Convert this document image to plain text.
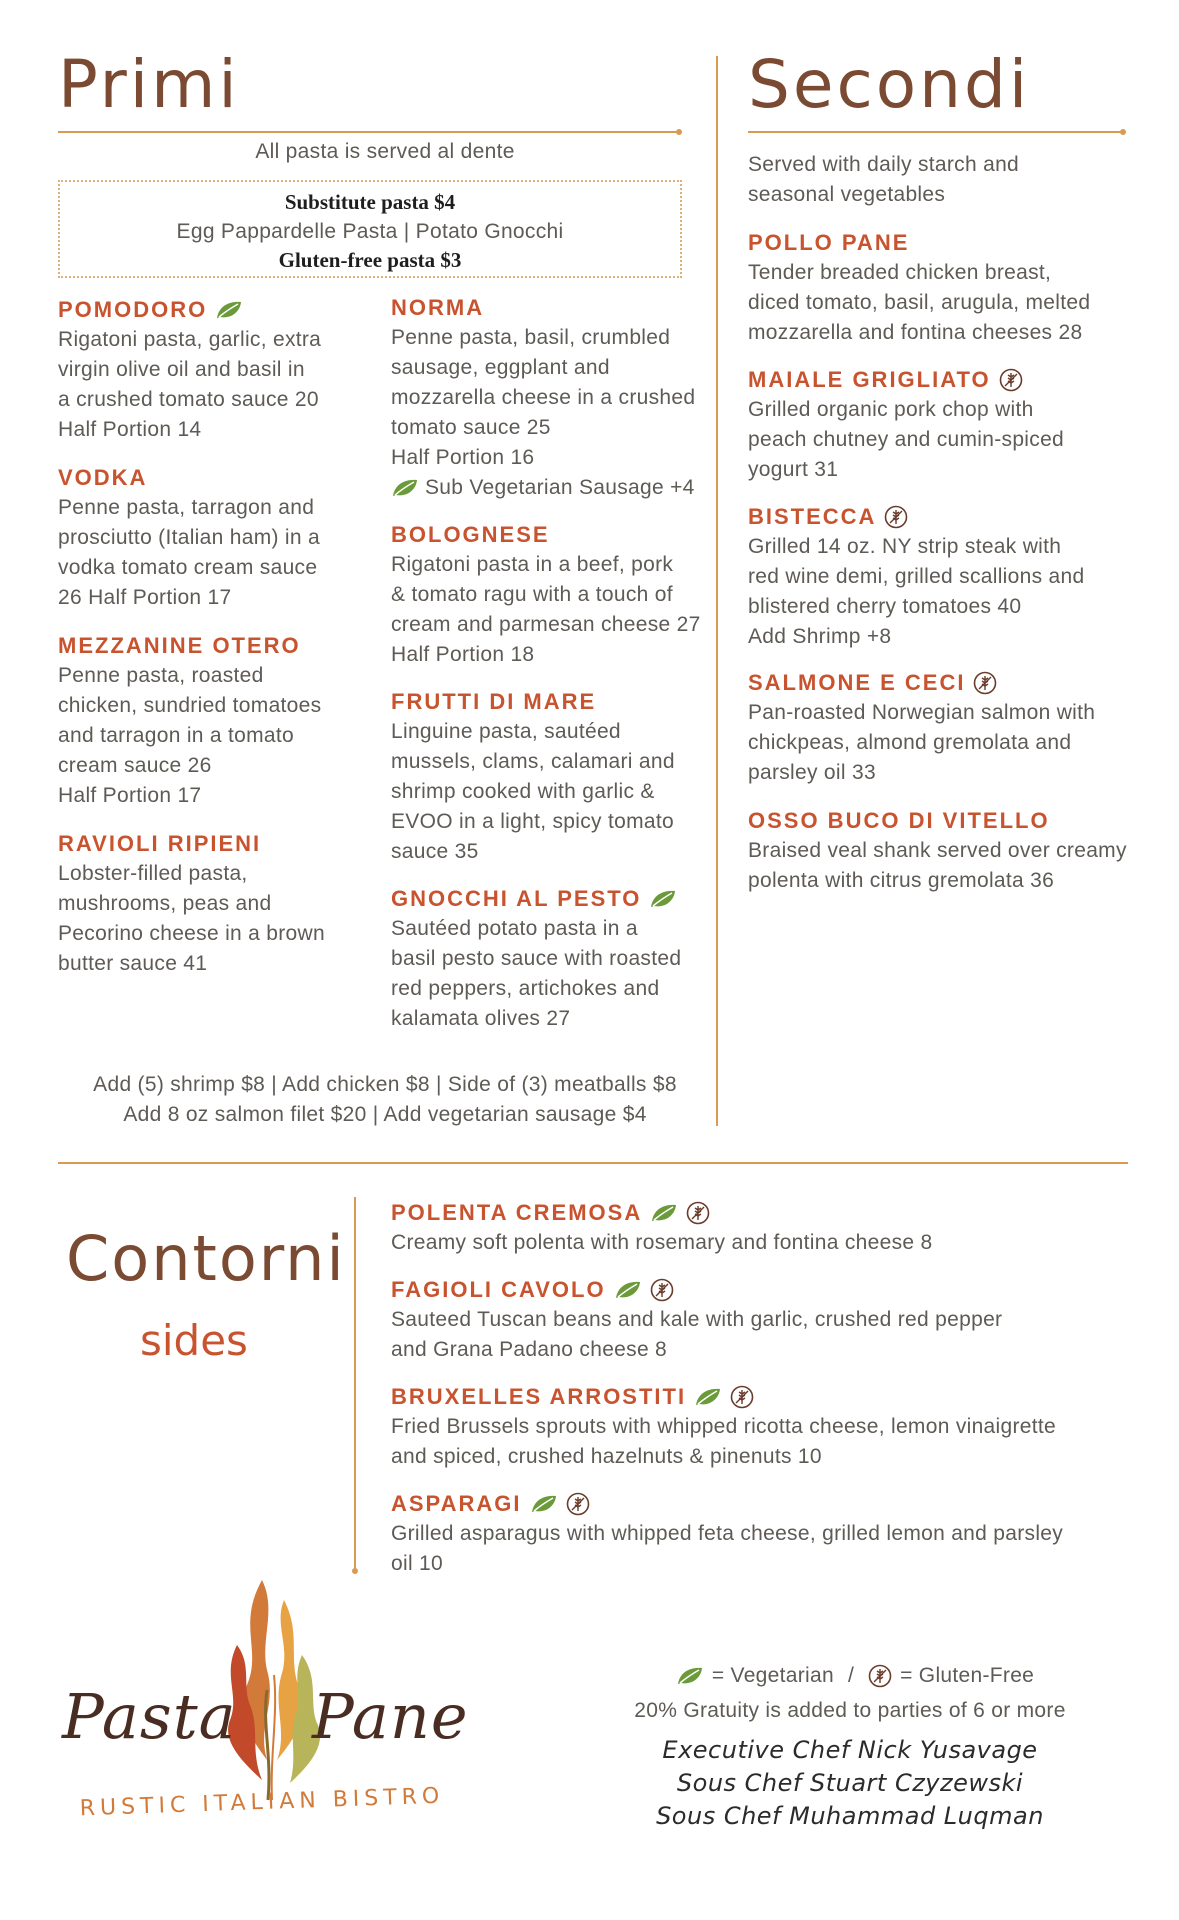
Primi
All pasta is served al dente
Substitute pasta $4
Egg Pappardelle Pasta | Potato Gnocchi
Gluten-free pasta $3
POMODORO
Rigatoni pasta, garlic, extra
virgin olive oil and basil in
a crushed tomato sauce 20
Half Portion 14
VODKA
Penne pasta, tarragon and
prosciutto (Italian ham) in a
vodka tomato cream sauce
26 Half Portion 17
MEZZANINE OTERO
Penne pasta, roasted
chicken, sundried tomatoes
and tarragon in a tomato
cream sauce 26
Half Portion 17
RAVIOLI RIPIENI
Lobster-filled pasta,
mushrooms, peas and
Pecorino cheese in a brown
butter sauce 41
NORMA
Penne pasta, basil, crumbled
sausage, eggplant and
mozzarella cheese in a crushed
tomato sauce 25
Half Portion 16
Sub Vegetarian Sausage +4
BOLOGNESE
Rigatoni pasta in a beef, pork
& tomato ragu with a touch of
cream and parmesan cheese 27
Half Portion 18
FRUTTI DI MARE
Linguine pasta, sautéed
mussels, clams, calamari and
shrimp cooked with garlic &
EVOO in a light, spicy tomato
sauce 35
GNOCCHI AL PESTO
Sautéed potato pasta in a
basil pesto sauce with roasted
red peppers, artichokes and
kalamata olives 27
Add (5) shrimp $8 | Add chicken $8 | Side of (3) meatballs $8
Add 8 oz salmon filet $20 | Add vegetarian sausage $4
Secondi
Served with daily starch and
seasonal vegetables
POLLO PANE
Tender breaded chicken breast,
diced tomato, basil, arugula, melted
mozzarella and fontina cheeses 28
MAIALE GRIGLIATO
Grilled organic pork chop with
peach chutney and cumin-spiced
yogurt 31
BISTECCA
Grilled 14 oz. NY strip steak with
red wine demi, grilled scallions and
blistered cherry tomatoes 40
Add Shrimp +8
SALMONE E CECI
Pan-roasted Norwegian salmon with
chickpeas, almond gremolata and
parsley oil 33
OSSO BUCO DI VITELLO
Braised veal shank served over creamy
polenta with citrus gremolata 36
Contorni
sides
POLENTA CREMOSA
Creamy soft polenta with rosemary and fontina cheese 8
FAGIOLI CAVOLO
Sauteed Tuscan beans and kale with garlic, crushed red pepper
and Grana Padano cheese 8
BRUXELLES ARROSTITI
Fried Brussels sprouts with whipped ricotta cheese, lemon vinaigrette
and spiced, crushed hazelnuts & pinenuts 10
ASPARAGI
Grilled asparagus with whipped feta cheese, grilled lemon and parsley
oil 10
Pasta Pane
RUSTIC ITALIAN BISTRO
= Vegetarian / = Gluten-Free
20% Gratuity is added to parties of 6 or more
Executive Chef Nick Yusavage
Sous Chef Stuart Czyzewski
Sous Chef Muhammad Luqman
